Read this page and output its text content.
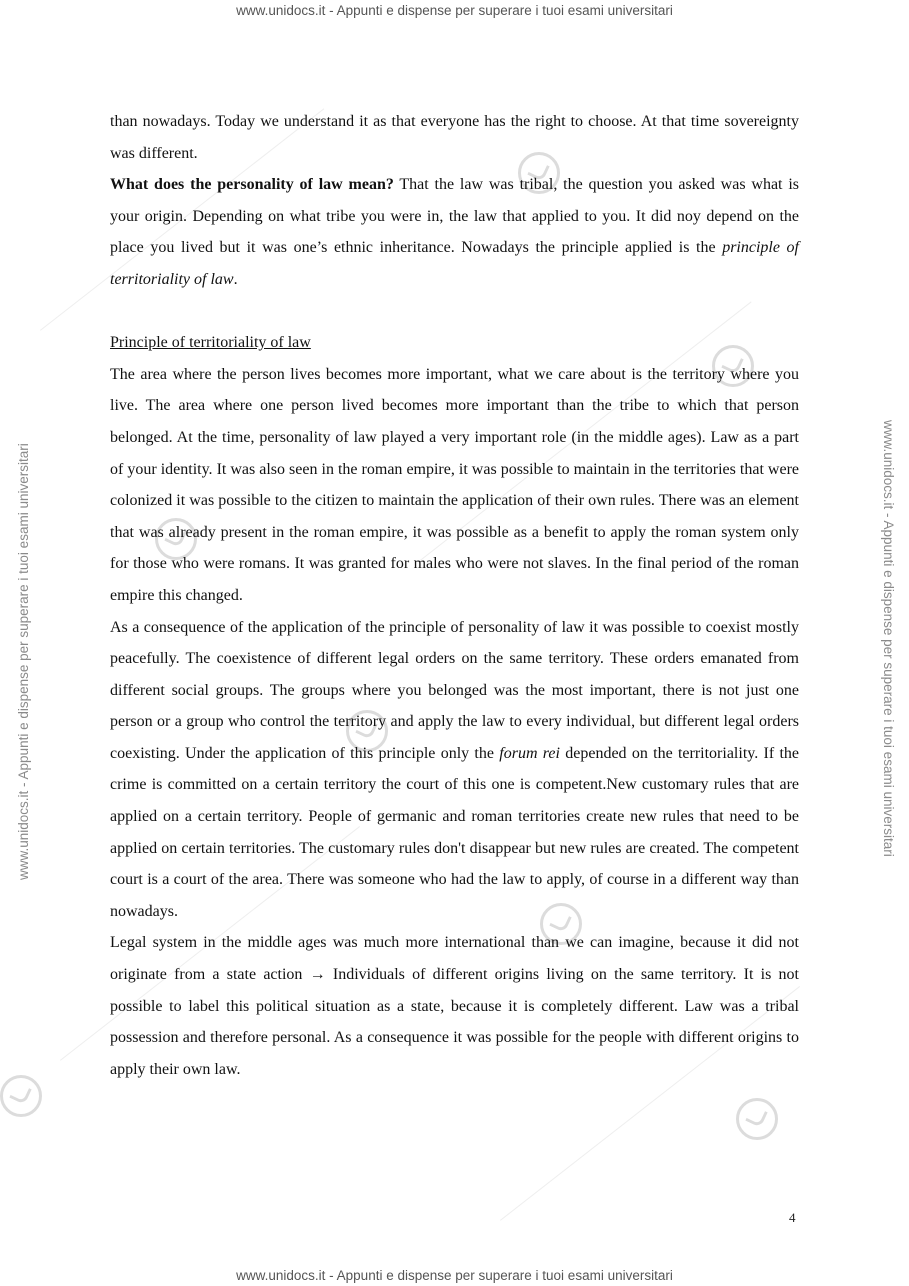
www.unidocs.it - Appunti e dispense per superare i tuoi esami universitari
www.unidocs.it - Appunti e dispense per superare i tuoi esami universitari
www.unidocs.it - Appunti e dispense per superare i tuoi esami universitari	www.unidocs.it - Appunti e dispense per superare i tuoi esami universitari

than nowadays. Today we understand it as that everyone has the right to choose. At that time sovereignty was different.

What does the personality of law mean? That the law was tribal, the question you asked was what is your origin. Depending on what tribe you were in, the law that applied to you. It did noy depend on the place you lived but it was one’s ethnic inheritance. Nowadays the principle applied is the principle of territoriality of law.

Principle of territoriality of law

The area where the person lives becomes more important, what we care about is the territory where you live. The area where one person lived becomes more important than the tribe to which that person belonged. At the time, personality of law played a very important role (in the middle ages). Law as a part of your identity. It was also seen in the roman empire, it was possible to maintain in the territories that were colonized it was possible to the citizen to maintain the application of their own rules. There was an element that was already present in the roman empire, it was possible as a benefit to apply the roman system only for those who were romans. It was granted for males who were not slaves. In the final period of the roman empire this changed.

As a consequence of the application of the principle of personality of law it was possible to coexist mostly peacefully. The coexistence of different legal orders on the same territory. These orders emanated from different social groups. The groups where you belonged was the most important, there is not just one person or a group who control the territory and apply the law to every individual, but different legal orders coexisting. Under the application of this principle only the forum rei depended on the territoriality. If the crime is committed on a certain territory the court of this one is competent.New customary rules that are applied on a certain territory. People of germanic and roman territories create new rules that need to be applied on certain territories. The customary rules don't disappear but new rules are created. The competent court is a court of the area. There was someone who had the law to apply, of course in a different way than nowadays.

Legal system in the middle ages was much more international than we can imagine, because it did not originate from a state action → Individuals of different origins living on the same territory. It is not possible to label this political situation as a state, because it is completely different. Law was a tribal possession and therefore personal. As a consequence it was possible for the people with different origins to apply their own law.

4
